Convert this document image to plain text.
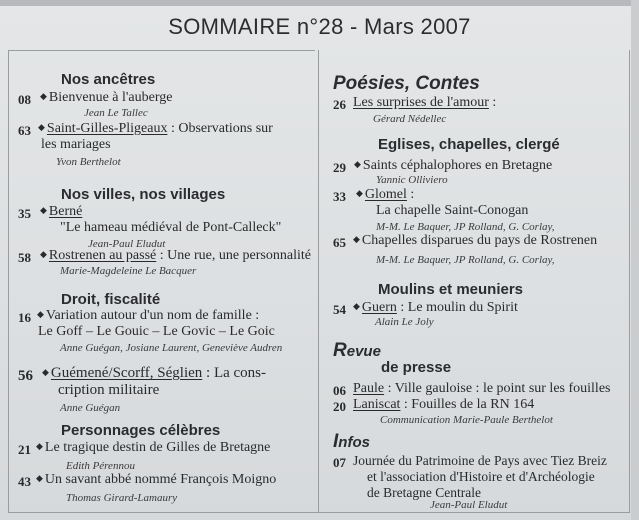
SOMMAIRE n°28 - Mars 2007
Nos ancêtres
08 ◆ Bienvenue à l'auberge
Jean Le Tallec
63 ◆ Saint-Gilles-Pligeaux : Observations sur
les mariages
Yvon Berthelot
Nos villes, nos villages
35 ◆ Berné
"Le hameau médiéval de Pont-Calleck"
Jean-Paul Eludut
58 ◆ Rostrenen au passé : Une rue, une personnalité
Marie-Magdeleine Le Bacquer
Droit, fiscalité
16 ◆ Variation autour d'un nom de famille :
Le Goff – Le Gouic – Le Govic – Le Goic
Anne Guégan, Josiane Laurent, Geneviève Audren
56 ◆ Guémené/Scorff, Séglien : La cons-
cription militaire
Anne Guégan
Personnages célèbres
21 ◆ Le tragique destin de Gilles de Bretagne
Edith Pérennou
43 ◆ Un savant abbé nommé François Moigno
Thomas Girard-Lamaury
Poésies, Contes
26 Les surprises de l'amour :
Gérard Nédellec
Eglises, chapelles, clergé
29 ◆ Saints céphalophores en Bretagne
Yannic Olliviero
33 ◆ Glomel :
La chapelle Saint-Conogan
M-M. Le Baquer, JP Rolland, G. Corlay,
65 ◆ Chapelles disparues du pays de Rostrenen
M-M. Le Baquer, JP Rolland, G. Corlay,
Moulins et meuniers
54 ◆ Guern : Le moulin du Spirit
Alain Le Joly
Revue
de presse
06 Paule : Ville gauloise : le point sur les fouilles
20 Laniscat : Fouilles de la RN 164
Communication Marie-Paule Berthelot
Infos
07 Journée du Patrimoine de Pays avec Tiez Breiz
et l'association d'Histoire et d'Archéologie
de Bretagne Centrale
Jean-Paul Eludut
